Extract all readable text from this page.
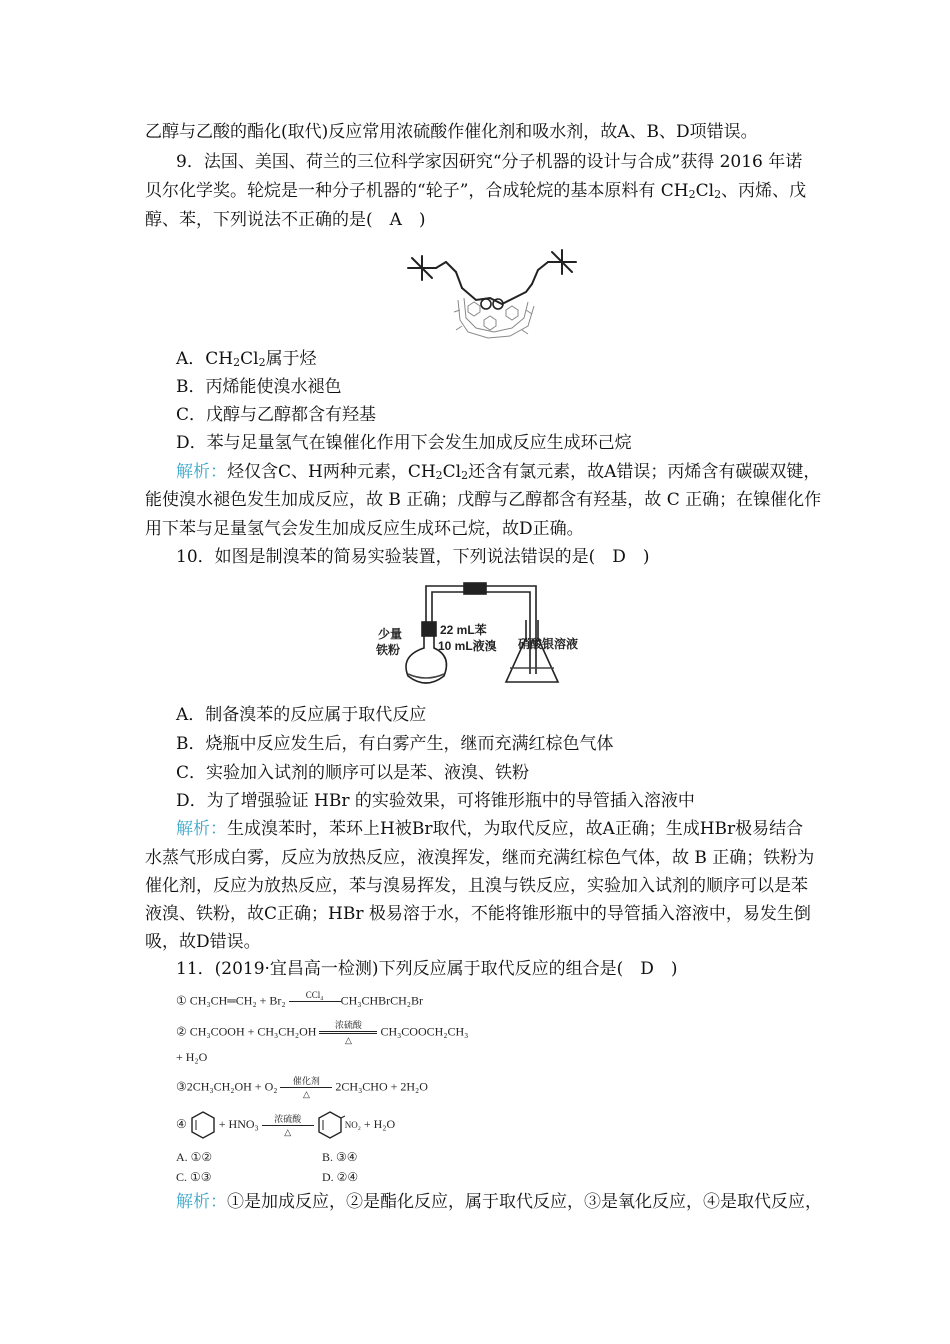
乙醇与乙酸的酯化(取代)反应常用浓硫酸作催化剂和吸水剂，故A、B、D项错误。
9．法国、美国、荷兰的三位科学家因研究“分子机器的设计与合成”获得 2016 年诺
贝尔化学奖。轮烷是一种分子机器的“轮子”，合成轮烷的基本原料有 $CH_2Cl_2$、丙烯、戊
醇、苯，下列说法不正确的是(　A　)
A．$CH_2Cl_2$属于烃
B．丙烯能使溴水褪色
C．戊醇与乙醇都含有羟基
D．苯与足量氢气在镍催化作用下会发生加成反应生成环己烷
解析：烃仅含C、H两种元素，$CH_2Cl_2$还含有氯元素，故A错误；丙烯含有碳碳双键，
能使溴水褪色发生加成反应，故 B 正确；戊醇与乙醇都含有羟基，故 C 正确；在镍催化作
用下苯与足量氢气会发生加成反应生成环己烷，故D正确。
10．如图是制溴苯的简易实验装置，下列说法错误的是(　D　)
少量
铁粉
22 mL苯
10 mL液溴 硝酸银溶液
A．制备溴苯的反应属于取代反应
B．烧瓶中反应发生后，有白雾产生，继而充满红棕色气体
C．实验加入试剂的顺序可以是苯、液溴、铁粉
D．为了增强验证 HBr 的实验效果，可将锥形瓶中的导管插入溶液中
解析：生成溴苯时，苯环上H被Br取代，为取代反应，故A正确；生成HBr极易结合
水蒸气形成白雾，反应为放热反应，液溴挥发，继而充满红棕色气体，故 B 正确；铁粉为
催化剂，反应为放热反应，苯与溴易挥发，且溴与铁反应，实验加入试剂的顺序可以是苯
液溴、铁粉，故C正确；HBr 极易溶于水，不能将锥形瓶中的导管插入溶液中，易发生倒
吸，故D错误。
11．(2019·宜昌高一检测)下列反应属于取代反应的组合是(　D　)
① CH₃CH═CH₂ + Br₂	CCl₄
	CH₃CHBrCH₂Br
② CH₃COOH + CH₃CH₂OH	浓硫酸
△
CH₃COOCH₂CH₃
+ H₂O
③2CH₃CH₂OH + O₂	催化剂
△
2CH₃CHO + 2H₂O
④	+ HNO₃	浓硫酸
△
NO₂ + H₂O
A. ①②	B. ③④
C. ①③	D. ②④
解析：①是加成反应，②是酯化反应，属于取代反应，③是氧化反应，④是取代反应，
